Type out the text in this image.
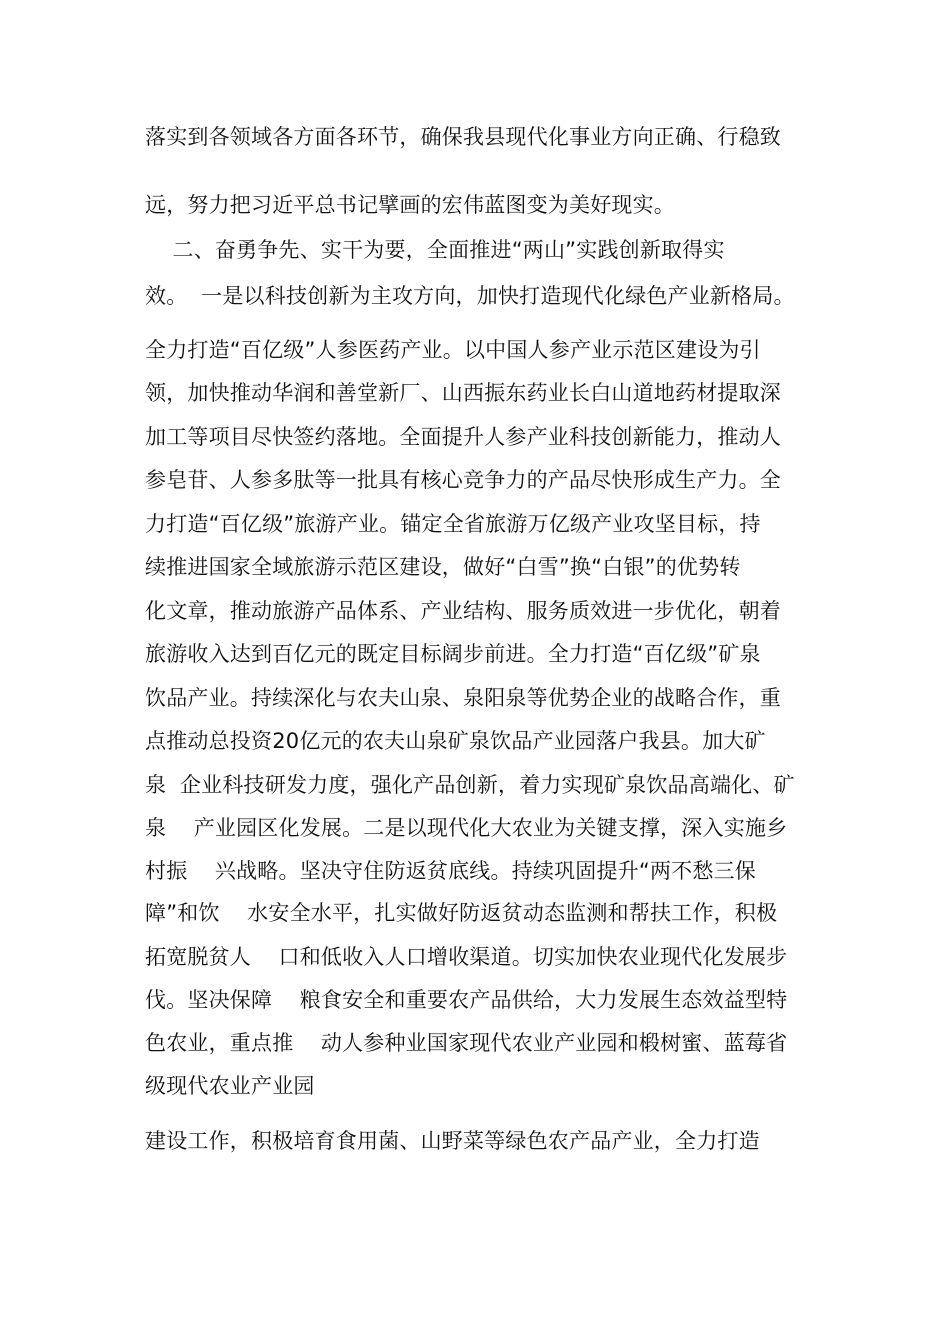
落实到各领域各方面各环节，确保我县现代化事业方向正确、行稳致
远，努力把习近平总书记擘画的宏伟蓝图变为美好现实。
二、奋勇争先、实干为要，全面推进“两山”实践创新取得实
效。  一是以科技创新为主攻方向，加快打造现代化绿色产业新格局。
全力打造“百亿级”人参医药产业。以中国人参产业示范区建设为引
领，加快推动华润和善堂新厂、山西振东药业长白山道地药材提取深
加工等项目尽快签约落地。全面提升人参产业科技创新能力，推动人
参皂苷、人参多肽等一批具有核心竞争力的产品尽快形成生产力。全
力打造“百亿级”旅游产业。锚定全省旅游万亿级产业攻坚目标，持
续推进国家全域旅游示范区建设，做好“白雪”换“白银”的优势转
化文章，推动旅游产品体系、产业结构、服务质效进一步优化，朝着
旅游收入达到百亿元的既定目标阔步前进。全力打造“百亿级”矿泉
饮品产业。持续深化与农夫山泉、泉阳泉等优势企业的战略合作，重
点推动总投资20亿元的农夫山泉矿泉饮品产业园落户我县。加大矿
泉  企业科技研发力度，强化产品创新，着力实现矿泉饮品高端化、矿
泉    产业园区化发展。二是以现代化大农业为关键支撑，深入实施乡
村振    兴战略。坚决守住防返贫底线。持续巩固提升“两不愁三保
障”和饮    水安全水平，扎实做好防返贫动态监测和帮扶工作，积极
拓宽脱贫人    口和低收入人口增收渠道。切实加快农业现代化发展步
伐。坚决保障    粮食安全和重要农产品供给，大力发展生态效益型特
色农业，重点推    动人参种业国家现代农业产业园和椴树蜜、蓝莓省
级现代农业产业园
建设工作，积极培育食用菌、山野菜等绿色农产品产业，全力打造
